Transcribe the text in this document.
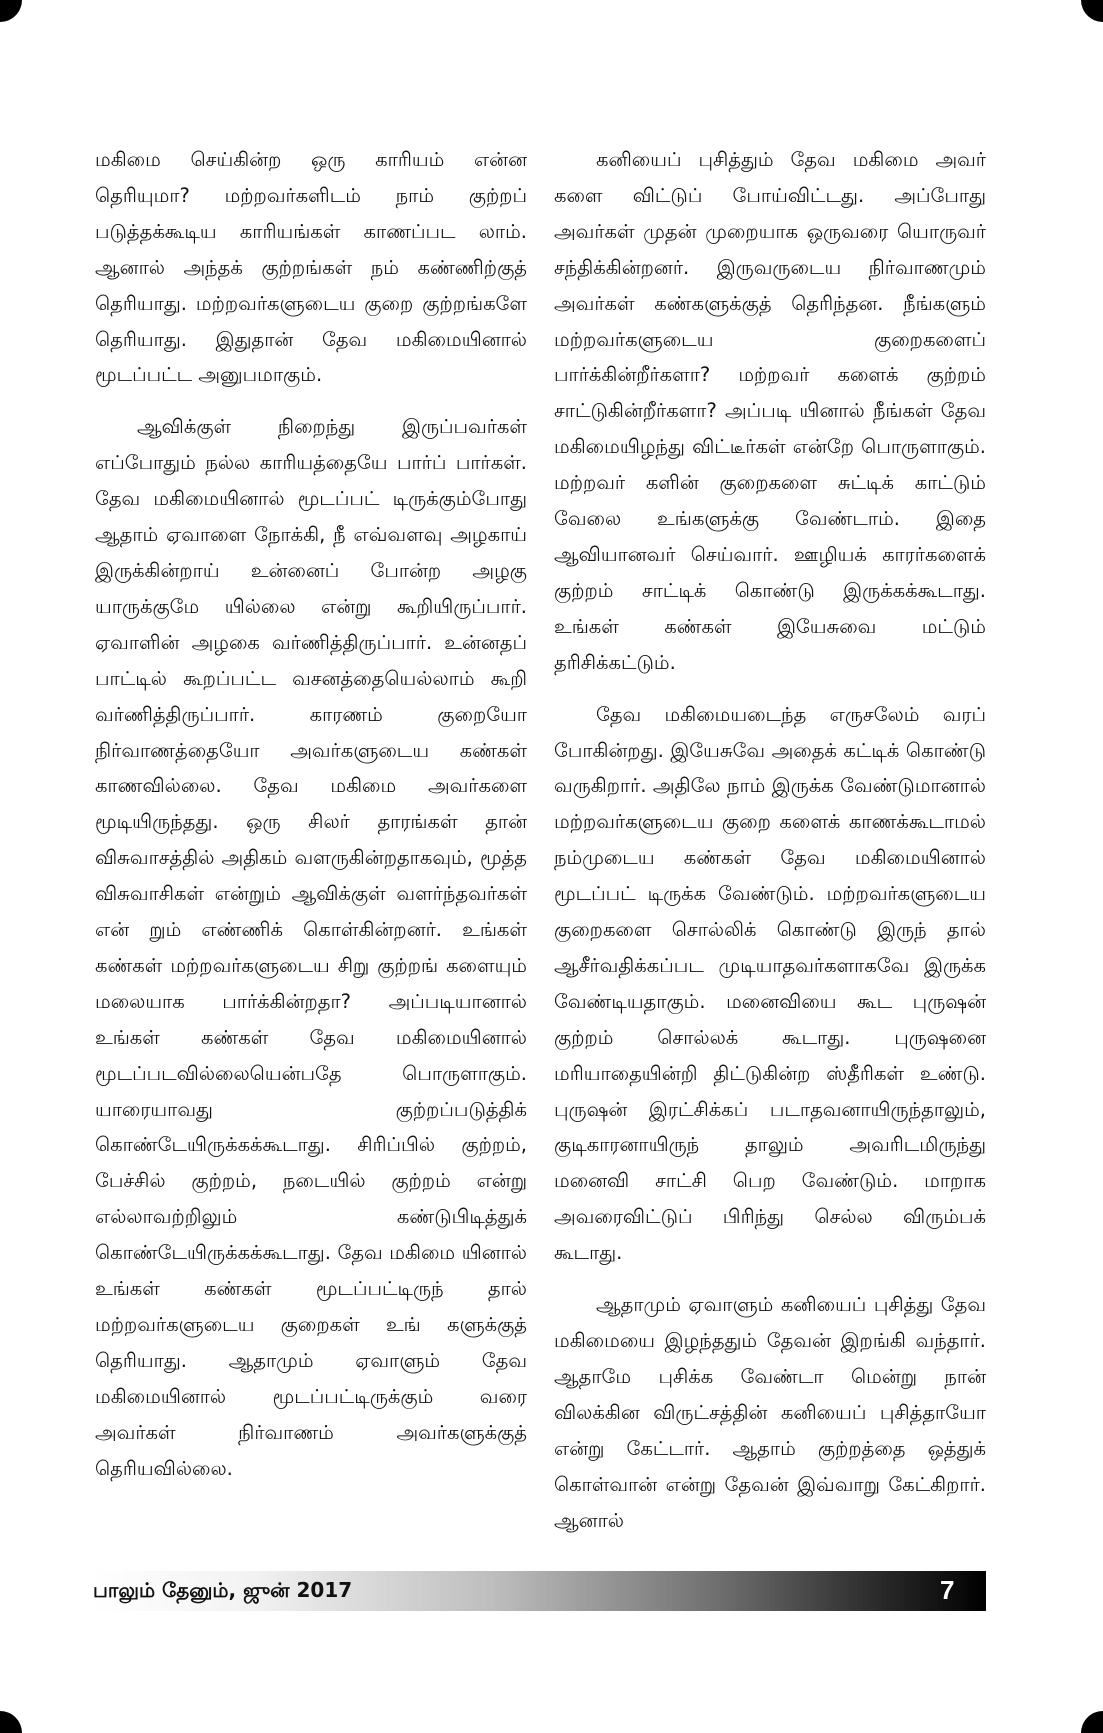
மகிமை செய்கின்ற ஒரு காரியம் என்ன தெரியுமா? மற்றவர்களிடம் நாம் குற்றப் படுத்தக்கூடிய காரியங்கள் காணப்பட லாம். ஆனால் அந்தக் குற்றங்கள் நம் கண்ணிற்குத் தெரியாது. மற்றவர்களுடைய குறை குற்றங்களே தெரியாது. இதுதான் தேவ மகிமையினால் மூடப்பட்ட அனுபமாகும்.

ஆவிக்குள் நிறைந்து இருப்பவர்கள் எப்போதும் நல்ல காரியத்தையே பார்ப் பார்கள். தேவ மகிமையினால் மூடப்பட் டிருக்கும்போது ஆதாம் ஏவாளை நோக்கி, நீ எவ்வளவு அழகாய் இருக்கின்றாய் உன்னைப் போன்ற அழகு யாருக்குமே யில்லை என்று கூறியிருப்பார். ஏவாளின் அழகை வர்ணித்திருப்பார். உன்னதப் பாட்டில் கூறப்பட்ட வசனத்தையெல்லாம் கூறி வர்ணித்திருப்பார். காரணம் குறையோ நிர்வாணத்தையோ அவர்களுடைய கண்கள் காணவில்லை. தேவ மகிமை அவர்களை மூடியிருந்தது. ஒரு சிலர் தாரங்கள் தான் விசுவாசத்தில் அதிகம் வளருகின்றதாகவும், மூத்த விசுவாசிகள் என்றும் ஆவிக்குள் வளர்ந்தவர்கள் என் றும் எண்ணிக் கொள்கின்றனர். உங்கள் கண்கள் மற்றவர்களுடைய சிறு குற்றங் களையும் மலையாக பார்க்கின்றதா? அப்படியானால் உங்கள் கண்கள் தேவ மகிமையினால் மூடப்படவில்லையென்பதே பொருளாகும். யாரையாவது குற்றப்படுத்திக் கொண்டேயிருக்கக்கூடாது. சிரிப்பில் குற்றம், பேச்சில் குற்றம், நடையில் குற்றம் என்று எல்லாவற்றிலும் கண்டுபிடித்துக் கொண்டேயிருக்கக்கூடாது. தேவ மகிமை யினால் உங்கள் கண்கள் மூடப்பட்டிருந் தால் மற்றவர்களுடைய குறைகள் உங் களுக்குத் தெரியாது. ஆதாமும் ஏவாளும் தேவ மகிமையினால் மூடப்பட்டிருக்கும் வரை அவர்கள் நிர்வாணம் அவர்களுக்குத் தெரியவில்லை.

கனியைப் புசித்தும் தேவ மகிமை அவர் களை விட்டுப் போய்விட்டது. அப்போது அவர்கள் முதன் முறையாக ஒருவரை யொருவர் சந்திக்கின்றனர். இருவருடைய நிர்வாணமும் அவர்கள் கண்களுக்குத் தெரிந்தன. நீங்களும் மற்றவர்களுடைய குறைகளைப் பார்க்கின்றீர்களா? மற்றவர் களைக் குற்றம் சாட்டுகின்றீர்களா? அப்படி யினால் நீங்கள் தேவ மகிமையிழந்து விட்டீர்கள் என்றே பொருளாகும். மற்றவர் களின் குறைகளை சுட்டிக் காட்டும் வேலை உங்களுக்கு வேண்டாம். இதை ஆவியானவர் செய்வார். ஊழியக் காரர்களைக் குற்றம் சாட்டிக் கொண்டு இருக்கக்கூடாது. உங்கள் கண்கள் இயேசுவை மட்டும் தரிசிக்கட்டும்.

தேவ மகிமையடைந்த எருசலேம் வரப் போகின்றது. இயேசுவே அதைக் கட்டிக் கொண்டு வருகிறார். அதிலே நாம் இருக்க வேண்டுமானால் மற்றவர்களுடைய குறை களைக் காணக்கூடாமல் நம்முடைய கண்கள் தேவ மகிமையினால் மூடப்பட் டிருக்க வேண்டும். மற்றவர்களுடைய குறைகளை சொல்லிக் கொண்டு இருந் தால் ஆசீர்வதிக்கப்பட முடியாதவர்களாகவே இருக்க வேண்டியதாகும். மனைவியை கூட புருஷன் குற்றம் சொல்லக் கூடாது. புருஷனை மரியாதையின்றி திட்டுகின்ற ஸ்தீரிகள் உண்டு. புருஷன் இரட்சிக்கப் படாதவனாயிருந்தாலும், குடிகாரனாயிருந் தாலும் அவரிடமிருந்து மனைவி சாட்சி பெற வேண்டும். மாறாக அவரைவிட்டுப் பிரிந்து செல்ல விரும்பக் கூடாது.

ஆதாமும் ஏவாளும் கனியைப் புசித்து தேவ மகிமையை இழந்ததும் தேவன் இறங்கி வந்தார். ஆதாமே புசிக்க வேண்டா மென்று நான் விலக்கின விருட்சத்தின் கனியைப் புசித்தாயோ என்று கேட்டார். ஆதாம் குற்றத்தை ஒத்துக் கொள்வான் என்று தேவன் இவ்வாறு கேட்கிறார். ஆனால்

பாலும் தேனும், ஜுன் 2017	7
